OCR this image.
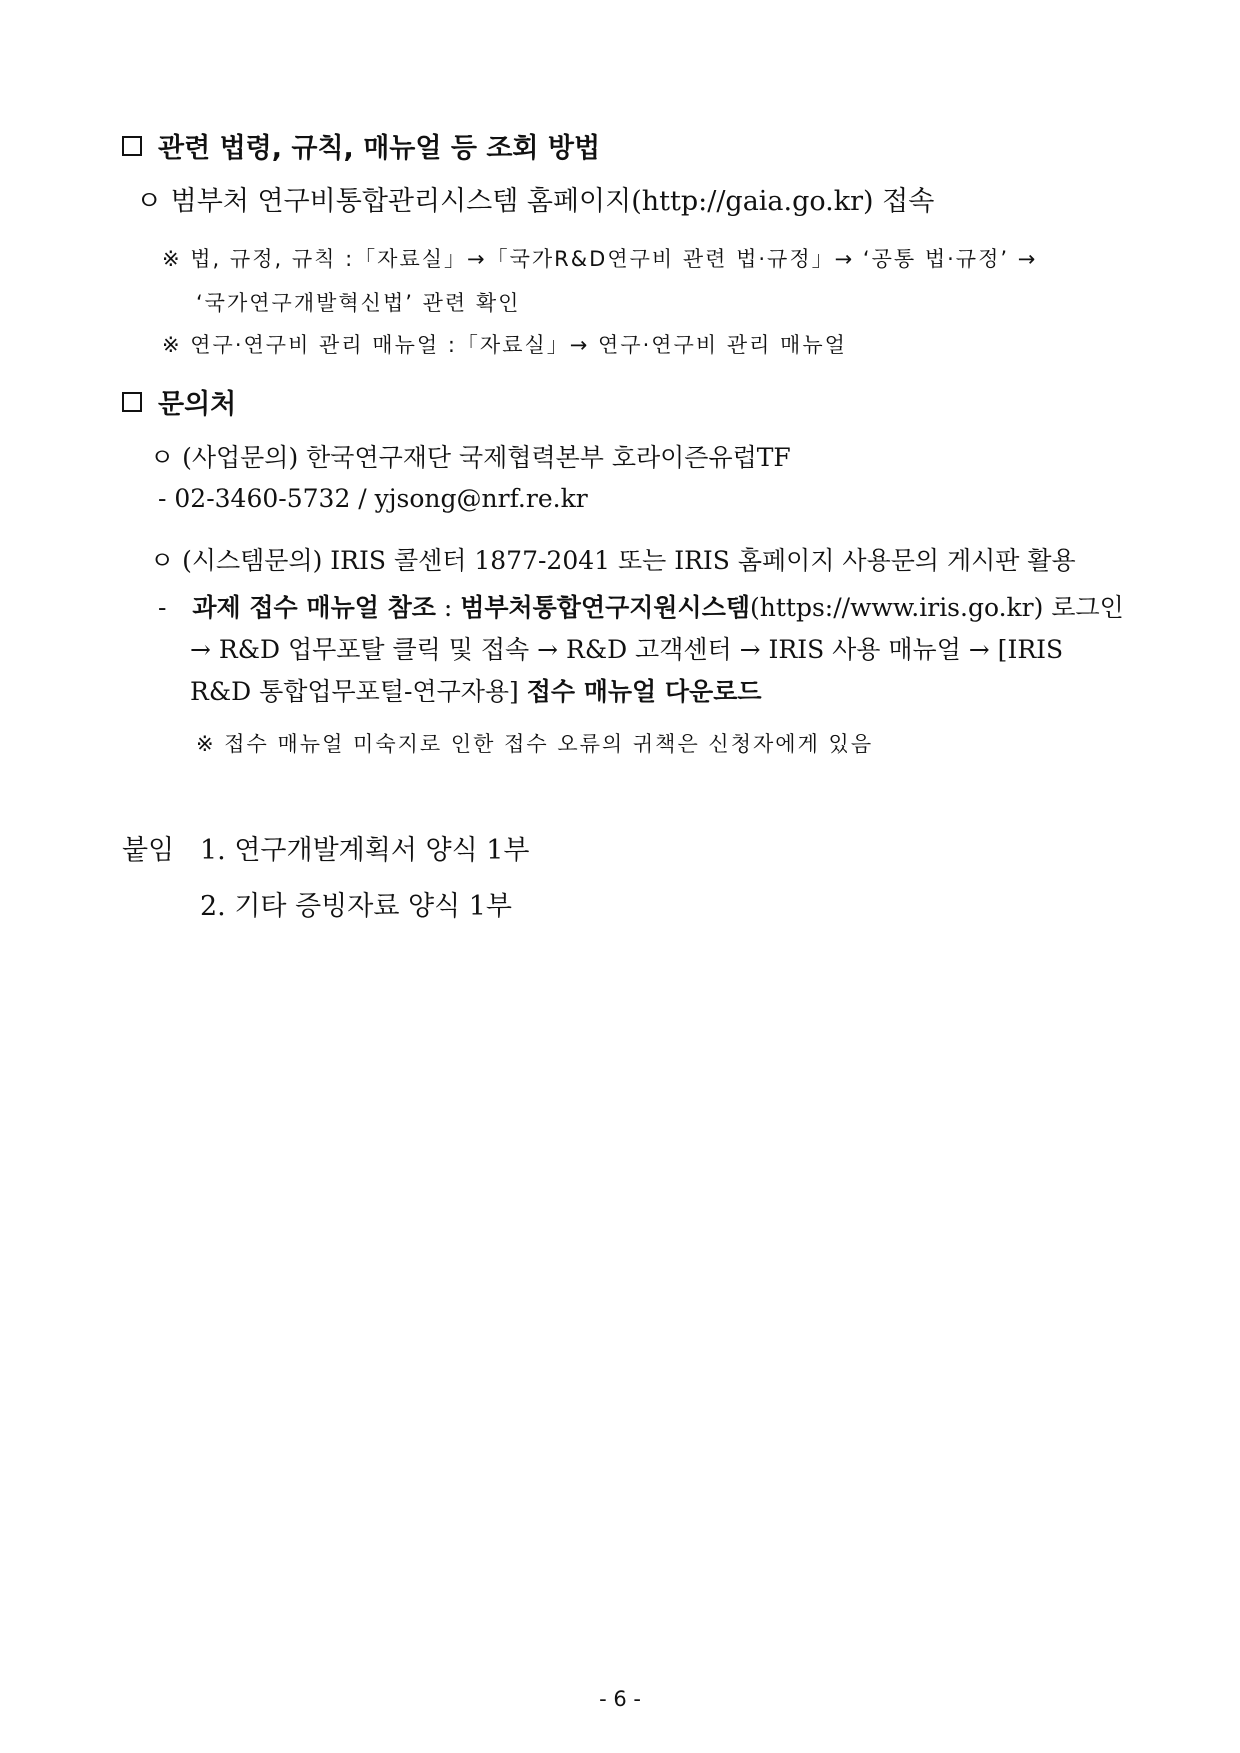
관련 법령, 규칙, 매뉴얼 등 조회 방법
ㅇ 범부처 연구비통합관리시스템 홈페이지(http://gaia.go.kr) 접속
※ 법, 규정, 규칙 :「자료실」→「국가R&D연구비 관련 법·규정」→ ‘공통 법·규정’ →
‘국가연구개발혁신법’ 관련 확인
※ 연구·연구비 관리 매뉴얼 :「자료실」→ 연구·연구비 관리 매뉴얼
문의처
ㅇ (사업문의) 한국연구재단 국제협력본부 호라이즌유럽TF
- 02-3460-5732 / yjsong@nrf.re.kr
ㅇ (시스템문의) IRIS 콜센터 1877-2041 또는 IRIS 홈페이지 사용문의 게시판 활용
- 과제 접수 매뉴얼 참조 : 범부처통합연구지원시스템(https://www.iris.go.kr) 로그인
→ R&D 업무포탈 클릭 및 접속 → R&D 고객센터 → IRIS 사용 매뉴얼 → [IRIS
R&D 통합업무포털-연구자용] 접수 매뉴얼 다운로드
※ 접수 매뉴얼 미숙지로 인한 접수 오류의 귀책은 신청자에게 있음
붙임 1. 연구개발계획서 양식 1부
2. 기타 증빙자료 양식 1부
- 6 -
